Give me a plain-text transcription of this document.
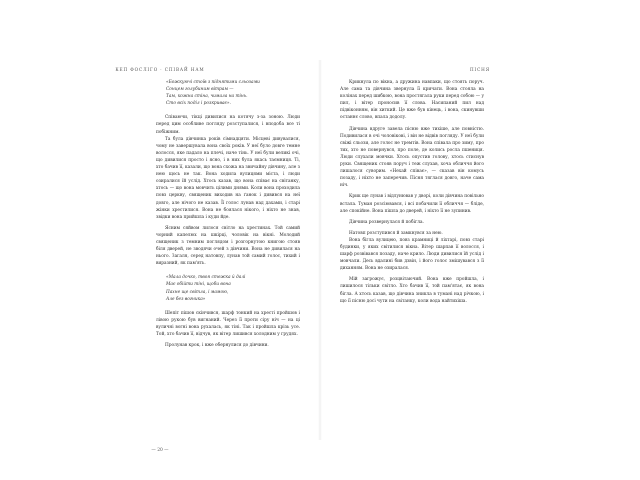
КЕП ФОСЛІГО · СПІВАЙ НАМ
«Божкуючі стоїв з піднятими сльозами
Сонцем голубиним вітрам —
Там, кожна стіна, чимала на тінь.
Сто всіх поділ і розкриває».

Співаючи, тікці дивилися на котячу з-за зоною. Люди перед цим особливе погляду розступалися, і вподоба все ті побіжним.

Та була дівчинка років сімнадцяти. Місцеві дивувалися, чому не завершувала вона своїх років. У неї було довге темне волосся, яке падало на плечі, наче тінь. У неї були великі очі, що дивилися просто і ясно, і в них була якась таємниця. Ті, хто бачив її, казали, що вона схожа на звичайну дівчину, але з нею щось не так. Вона ходила вулицями міста, і люди озиралися їй услід. Хтось казав, що вона співає на світанку, хтось — що вона мовчить цілими днями. Коли вона проходила повз церкву, священик виходив на ґанок і дивився на неї довго, але нічого не казав. Її голос лунав над дахами, і старі жінки хрестилися. Вона не боялася нікого, і ніхто не знав, звідки вона прийшла і куди йде.

Ясним сяйвом лилося світло на хрестинах. Той самий чорний капелюх на шкірці, чоловік на вікні. Молодий священик з темним поглядом і розгорнутою книгою стояв біля дверей, не зводячи очей з дівчини. Вона не дивилася на нього. Загаля, серед натовпу, лунав той самий голос, тихий і виразний, як пам'ять.

«Мала дочко, твоя стежка й далі
Має обійти тіні, щоби вона
Пахне ще світла, і мамою,
Але без вогника»

Шепіт пішов скінчився, шарф тонкий на хресті пройшов і лівою рукою був вигнаний. Через її проти сіру ніч — на ці вуличні вогні вона рухалась, як тіні. Так і пройшла крізь усе. Той, хто бачив її, відчув, як вітер лишився холодним у грудях.

Пролунав крок, і вже обернулися до дівчини.

— 20 —
ПІСНЯ

Крикнула по вікна, а дружина навпаки, що стоять поруч. Але сама та дівчина звернула її кричати. Вона стояла на колінах перед шибкою, вона простягала руки перед собою — у пил, і вітер проносив її слова. Насипаний пил над підвіконням, він хиткий. Це вже був кінець, і вона, скинувши останнє слово, впала додолу.

Дівчина вдруге завела пісню вже тихіше, але повністю. Подивилася в очі чоловікові, і він не відвів погляду. У неї були свіжі сльози, але голос не тремтів. Вона співала про зиму, про тих, хто не повернувся, про поле, де колись росла пшениця. Люди слухали мовчки. Хтось опустив голову, хтось стиснув руки. Священик стояв поруч і теж слухав, хоча обличчя його лишалося суворим. «Нехай співає», — сказав він комусь позаду, і ніхто не заперечив. Пісня тяглася довго, наче сама ніч.

Крик ще лунав і відлунював у дворі, коли дівчина повільно встала. Туман розсіювався, і всі побачили її обличчя — бліде, але спокійне. Вона пішла до дверей, і ніхто її не зупинив.

Дівчина розвернулася й побігла.

Натовп розступився й замкнувся за нею.

Вона бігла вулицею, повз крамниці й ліхтарі, повз старі будинки, у яких світилися вікна. Вітер шарпав її волосся, і шарф розвівався позаду, наче крило. Люди дивилися їй услід і мовчали. Десь вдалині бив дзвін, і його голос змішувався з її диханням. Вона не озиралася.

Мій загрожує, розцвітаючий. Вона вже пройшла, і лишилося тільки світло. Хто бачив її, той пам'ятає, як вона бігла. А хтось казав, що дівчина зникла в тумані над річкою, і що її пісню досі чути на світанку, коли вода найтихіша.
